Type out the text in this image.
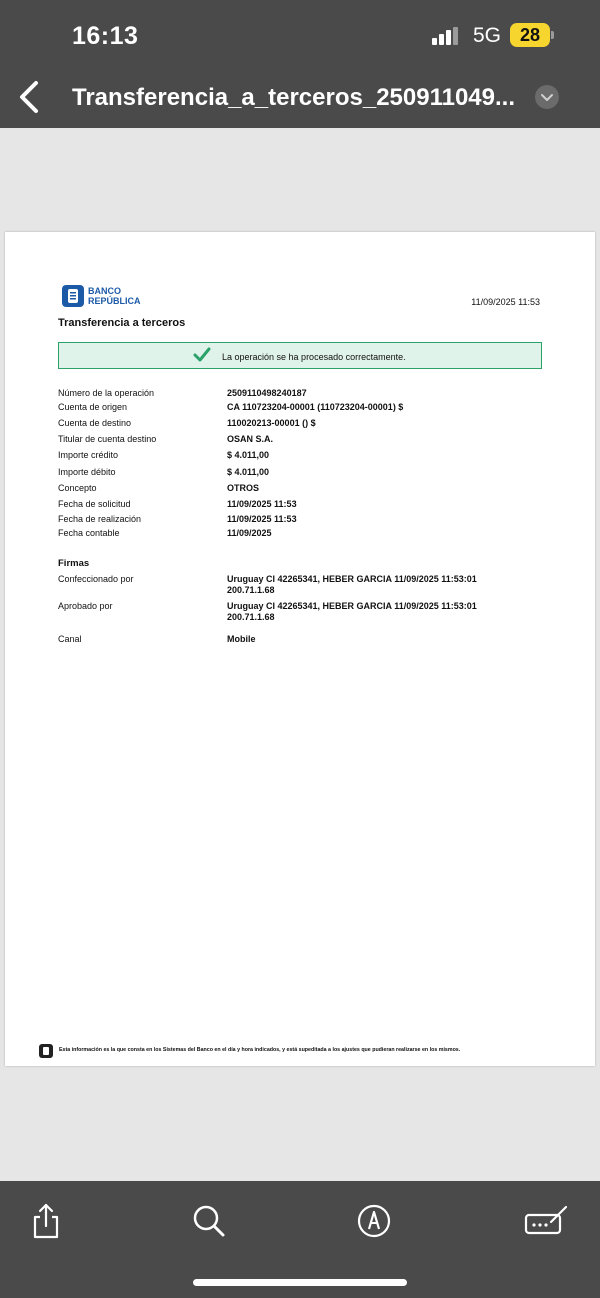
16:13	5G	28
Transferencia_a_terceros_250911049...
BANCO
REPÚBLICA	11/09/2025 11:53
Transferencia a terceros
La operación se ha procesado correctamente.
Número de la operación	2509110498240187
Cuenta de origen	CA 110723204-00001 (110723204-00001) $
Cuenta de destino	110020213-00001 () $
Titular de cuenta destino	OSAN S.A.
Importe crédito	$ 4.011,00
Importe débito	$ 4.011,00
Concepto	OTROS
Fecha de solicitud	11/09/2025 11:53
Fecha de realización	11/09/2025 11:53
Fecha contable	11/09/2025
Firmas
Confeccionado por	Uruguay CI 42265341, HEBER GARCIA 11/09/2025 11:53:01
200.71.1.68
Aprobado por	Uruguay CI 42265341, HEBER GARCIA 11/09/2025 11:53:01
200.71.1.68
Canal	Mobile
Esta información es la que consta en los Sistemas del Banco en el día y hora indicados, y está supeditada a los ajustes que pudieran realizarse en los mismos.
